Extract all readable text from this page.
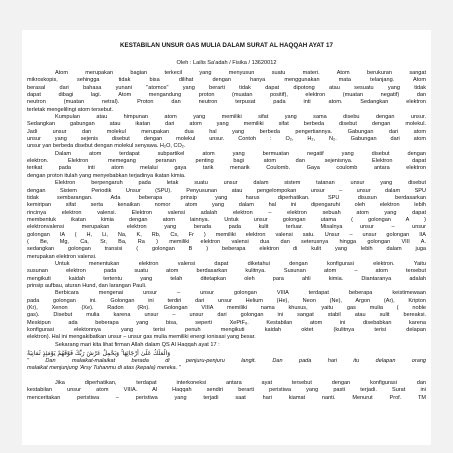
KESTABILAN UNSUR GAS MULIA DALAM SURAT AL HAQQAH AYAT 17
Oleh : Lailis Sa'adah / Fisika / 13620012
Atom merupakan bagian terkecil yang menyusun suatu materi. Atom berukuran sangat
mikroskopis, sehingga tidak bisa dilihat dengan hanya menggunakan mata telanjang. Atom
berasal dari bahasa yunani "atomos" yang berarti tidak dapat dipotong atau sesuatu yang tidak
dapat dibagi lagi. Atom mengandung proton (muatan positif), elektron (muatan negatif) dan
neutron (muatan netral). Proton dan neutron terpusat pada inti atom. Sedangkan elektron
terletak mengelilingi atom tersebut.
Kumpulan atau himpunan atom yang memiliki sifat yang sama disebu dengan unsur.
Sedangkan gabungan atau ikatan dari atom yang memiliki sifat berbeda disebut dengan molekul.
Jadi unsur dan molekul merupakan dua hal yang berbeda pengertiannya. Gabungan dari atom
unsur yang sejenis disebut dengan molekul unsur. Contoh : O₂, H₂, N₂. Gabungan dari atom
unsur yan berbeda disebut dengan molekul senyawa. H₂O, CO₂.
Dalam atom terdapat subpartikel atom yang bermuatan negatif yang disebut dengan
elektron. Elektron memegang peranan penting bagi atom dan sejenisnya. Elektron dapat
terikat pada inti atom melalui gaya tarik menarik Coulomb. Gaya coulomb antara elektron
dengan proton itulah yang menyebabkan terjadinya ikatan kimia.
Elektron berpengaruh pada letak suatu unsur dalam sistem tatanan unsur yang disebut
dengan Sistem Periodik Unsur (SPU). Penyusunan atau pengelompokan unsur – unsur dalam SPU
tidak sembarangan. Ada beberapa prinsip yang harus diperhatikan. SPU disusun berdasarkan
kemiripan sifat serta kenaikan nomor atom yang dalam hal ini dipengaruhi oleh elektron lebih
rincinya elektron valensi. Elektron valensi adalah elektron – elektron sebuah atom yang dapat
membentuk ikatan kimia dengan atom lainnya. Untuk unsur golongan utama ( golongan A )
elektronvalensi merupakan elektron yang berada pada kulit terluar. Misalnya unsur – unsur
golongan IA ( H, Li, Na, K, Rb, Cs, Fr ) memiliki elektron valensi satu. Unsur – unsur golongan IIA
( Be, Mg, Ca, Sr, Ba, Ra ) memiliki elektron valensi dua dan seterusnya hingga golongan VIII A.
sedangkan golongan transisi ( golongan B ) beberapa elektron di kulit yang lebih dalam juga
merupakan elektron valensi.
Untuk menentukan elektron valensi dapat diketahui dengan konfigurasi elektron. Yaitu
susunan elektron pada suatu atom berdasarkan kulitnya. Susunan atom – atom tersebut
mengikuti kaidah tertentu yang telah ditetapkan oleh para ahli kimia. Diantaranya adalah
prinsip aufbau, aturan Hund, dan larangan Pauli.
Berbicara mengenai unsur – unsur golongan VIIIA terdapat beberapa keistimewaan
pada golongan ini. Golongan ini terdiri dari unsur Helium (He), Neon (Ne), Argon (Ar), Kripton
(Kr), Xenon (Xe). Radon (Rn). Golongan VIIIA memiliki nama khusus, yaitu gas mulia ( noble
gas). Disebut mulia karena unsur – unsur dari golongan ini sangat stabil atau sulit bereaksi.
Meskipun ada beberapa yang bisa, seperti XePtF₆. Kestabilan atom ini disebabkan karena
konfigurasi elektonnya yang terisi penuh mengikuti kaidah oktet (kulitnya terisi delapan
elektron). Hal ini mengakibatkan unsur – unsur gas mulia memiliki energi ionisasi yang besar.
Sekarang mari kita lihat firman Allah dalam QS Al Haqqah ayat 17 :
وَالْمَلَكُ عَلَىٰ أَرْجَائِهَا ۚ وَيَحْمِلُ عَرْشَ رَبِّكَ فَوْقَهُمْ يَوْمَئِذٍ ثَمَانِيَةٌ
" Dan malaikat-malaikat berada di penjuru-penjuru langit. Dan pada hari itu delapan orang
malaikat menjunjung 'Arsy Tuhanmu di atas (kepala) mereka. "

Jika diperhatikan, terdapat interkoneksi antara ayat tersebut dengan konfigurasi dan
kestabilan unsur atom VIIIA. Al Haqqah sendiri berarti peristiwa yang pasti terjadi. Surat ini
menceritakan peristiwa – peristiwa yang terjadi saat hari kiamat nanti. Menurut Prof. TM
